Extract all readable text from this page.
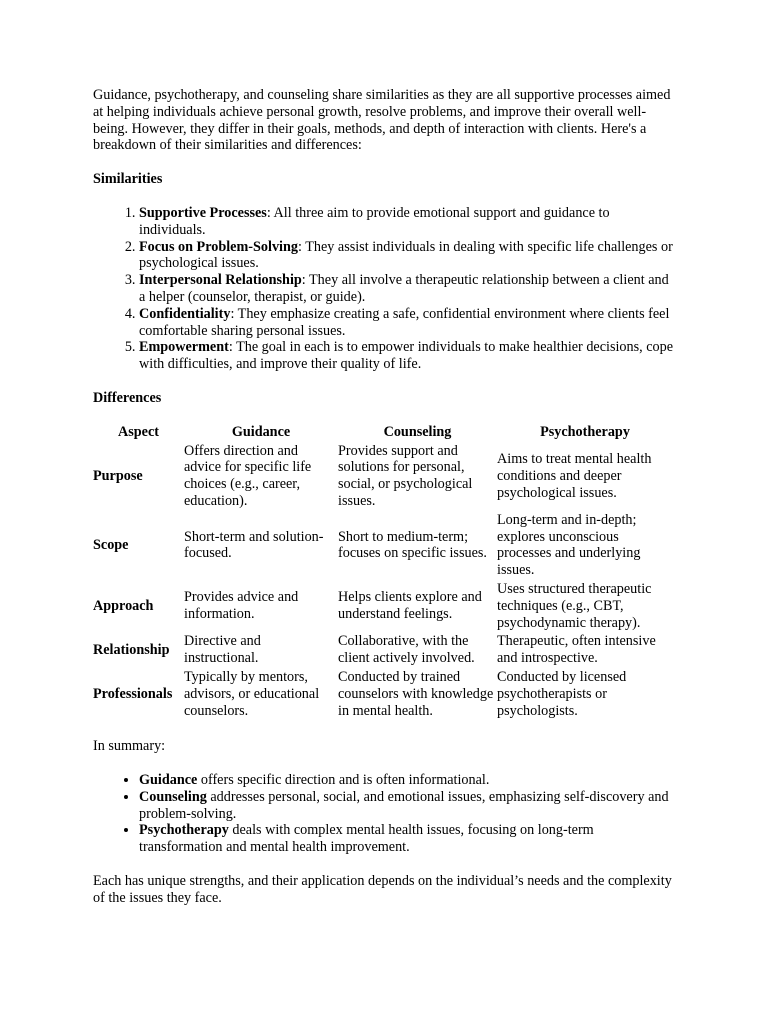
Guidance, psychotherapy, and counseling share similarities as they are all supportive processes aimed at helping individuals achieve personal growth, resolve problems, and improve their overall well-being. However, they differ in their goals, methods, and depth of interaction with clients. Here's a breakdown of their similarities and differences:

Similarities

1. Supportive Processes: All three aim to provide emotional support and guidance to individuals.
2. Focus on Problem-Solving: They assist individuals in dealing with specific life challenges or psychological issues.
3. Interpersonal Relationship: They all involve a therapeutic relationship between a client and a helper (counselor, therapist, or guide).
4. Confidentiality: They emphasize creating a safe, confidential environment where clients feel comfortable sharing personal issues.
5. Empowerment: The goal in each is to empower individuals to make healthier decisions, cope with difficulties, and improve their quality of life.

Differences

Aspect	Guidance	Counseling	Psychotherapy
Purpose	Offers direction and advice for specific life choices (e.g., career, education).	Provides support and solutions for personal, social, or psychological issues.	Aims to treat mental health conditions and deeper psychological issues.
Scope	Short-term and solution-focused.	Short to medium-term; focuses on specific issues.	Long-term and in-depth; explores unconscious processes and underlying issues.
Approach	Provides advice and information.	Helps clients explore and understand feelings.	Uses structured therapeutic techniques (e.g., CBT, psychodynamic therapy).
Relationship	Directive and instructional.	Collaborative, with the client actively involved.	Therapeutic, often intensive and introspective.
Professionals	Typically by mentors, advisors, or educational counselors.	Conducted by trained counselors with knowledge in mental health.	Conducted by licensed psychotherapists or psychologists.

In summary:

• Guidance offers specific direction and is often informational.
• Counseling addresses personal, social, and emotional issues, emphasizing self-discovery and problem-solving.
• Psychotherapy deals with complex mental health issues, focusing on long-term transformation and mental health improvement.

Each has unique strengths, and their application depends on the individual’s needs and the complexity of the issues they face.
